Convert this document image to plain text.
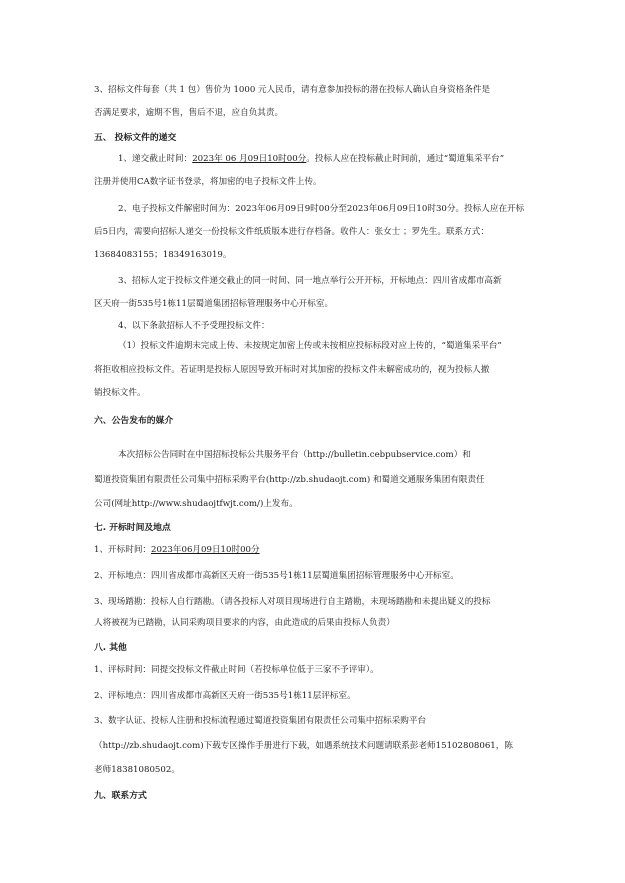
3、招标文件每套（共 1 包）售价为 1000 元人民币，请有意参加投标的潜在投标人确认自身资格条件是
否满足要求，逾期不售，售后不退，应自负其责。
五、 投标文件的递交
1、递交截止时间：2023年 06 月09日10时00分。投标人应在投标截止时间前，通过“蜀道集采平台”
注册并使用CA数字证书登录，将加密的电子投标文件上传。
2、电子投标文件解密时间为：2023年06月09日9时00分至2023年06月09日10时30分。投标人应在开标
后5日内，需要向招标人递交一份投标文件纸质版本进行存档备。收件人：张女士 ；罗先生。联系方式：
13684083155；18349163019。
3、招标人定于投标文件递交截止的同一时间、同一地点举行公开开标，开标地点：四川省成都市高新
区天府一街535号1栋11层蜀道集团招标管理服务中心开标室。
4、以下条款招标人不予受理投标文件：
（1）投标文件逾期未完成上传、未按规定加密上传或未按相应投标标段对应上传的，“蜀道集采平台”
将拒收相应投标文件。若证明是投标人原因导致开标时对其加密的投标文件未解密成功的，视为投标人撤
销投标文件。
六、公告发布的媒介
本次招标公告同时在中国招标投标公共服务平台（http://bulletin.cebpubservice.com）和
蜀道投资集团有限责任公司集中招标采购平台(http://zb.shudaojt.com) 和蜀道交通服务集团有限责任
公司(网址http://www.shudaojtfwjt.com/)上发布。
七. 开标时间及地点
1、开标时间：2023年06月09日10时00分
2、开标地点：四川省成都市高新区天府一街535号1栋11层蜀道集团招标管理服务中心开标室。
3、现场踏勘：投标人自行踏勘。（请各投标人对项目现场进行自主踏勘，未现场踏勘和未提出疑义的投标
人将被视为已踏勘，认同采购项目要求的内容，由此造成的后果由投标人负责）
八. 其他
1、评标时间：同提交投标文件截止时间（若投标单位低于三家不予评审）。
2、评标地点：四川省成都市高新区天府一街535号1栋11层评标室。
3、数字认证、投标人注册和投标流程通过蜀道投资集团有限责任公司集中招标采购平台
（http://zb.shudaojt.com)下载专区操作手册进行下载，如遇系统技术问题请联系彭老师15102808061，陈
老师18381080502。
九、联系方式
